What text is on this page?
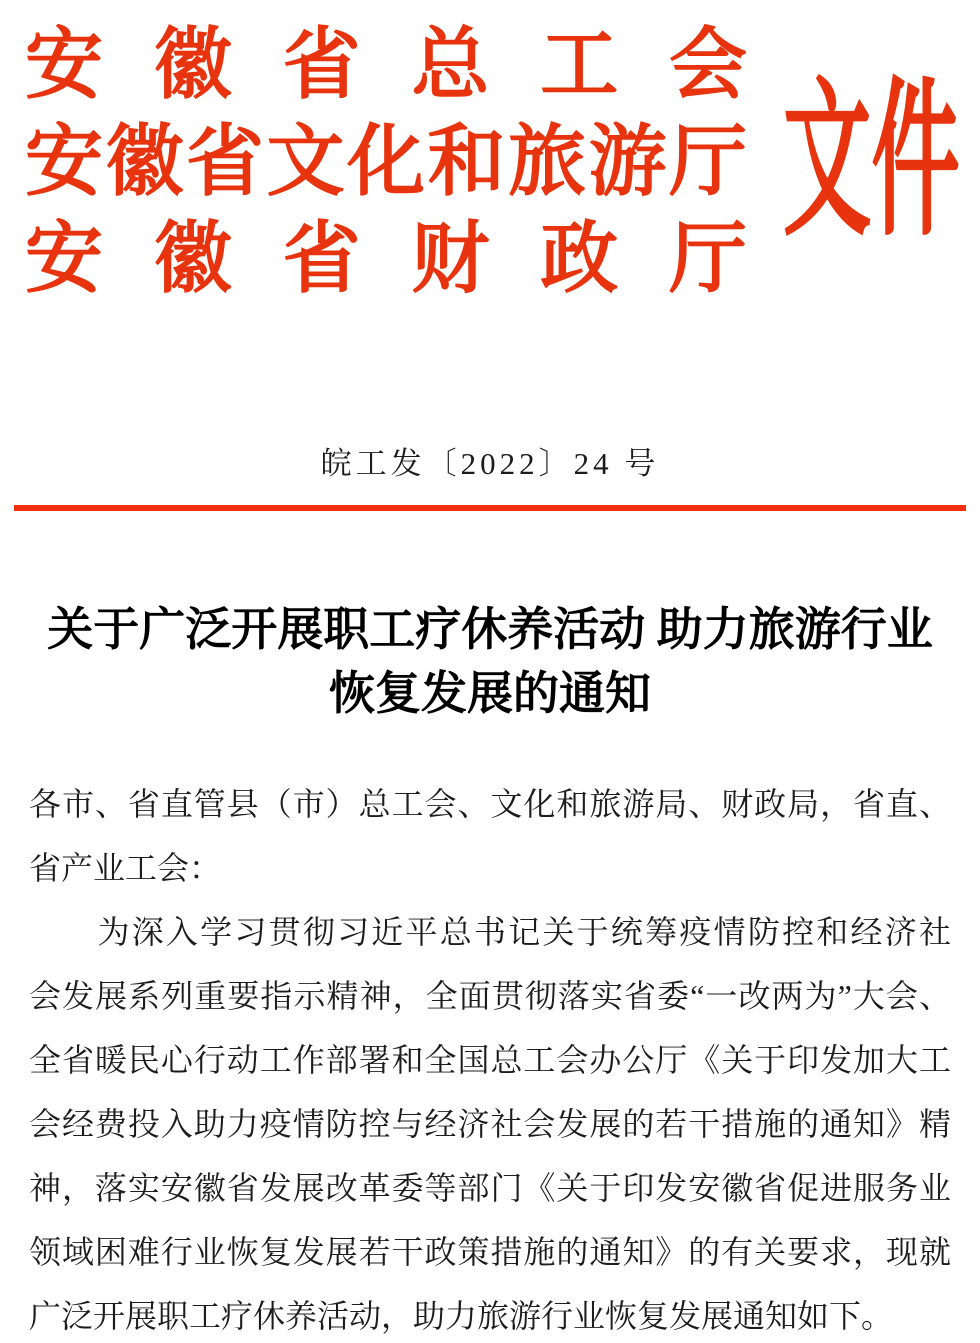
安徽省总工会
安徽省文化和旅游厅
安徽省财政厅
文件
皖工发〔2022〕24 号
关于广泛开展职工疗休养活动 助力旅游行业
恢复发展的通知
各市、省直管县（市）总工会、文化和旅游局、财政局，省直、
省产业工会：
　　为深入学习贯彻习近平总书记关于统筹疫情防控和经济社
会发展系列重要指示精神，全面贯彻落实省委“一改两为”大会、
全省暖民心行动工作部署和全国总工会办公厅《关于印发加大工
会经费投入助力疫情防控与经济社会发展的若干措施的通知》精
神，落实安徽省发展改革委等部门《关于印发安徽省促进服务业
领域困难行业恢复发展若干政策措施的通知》的有关要求，现就
广泛开展职工疗休养活动，助力旅游行业恢复发展通知如下。
